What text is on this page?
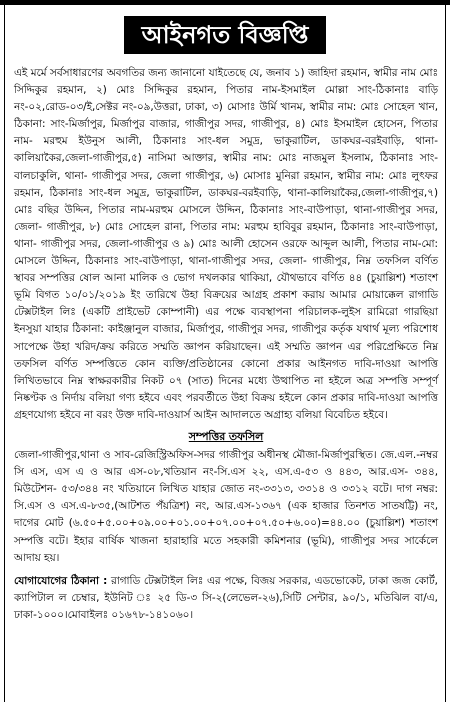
আইনগত বিজ্ঞপ্তি

এই মর্মে সর্বসাধারণের অবগতির জন্য জানানো যাইতেছে যে, জনাব ১) জাহিদা রহমান, স্বামীর নাম মোঃ সিদ্দিকুর রহমান, ২) মোঃ সিদ্দিকুর রহমান, পিতার নাম-ইসমাইল মোল্লা সাং-ঠিকানাঃ বাড়ি নং-০২,রোড-০৩/ই,সেক্টর নং-০৯,উত্তরা, ঢাকা, ৩) মোসাঃ উর্মি খানম, স্বামীর নাম: মোঃ সোহেল খান, ঠিকানা: সাং-মির্জাপুর, মির্জাপুর বাজার, গাজীপুর সদর, গাজীপুর, ৪) মোঃ ইসমাইল হোসেন, পিতার নাম- মরহুম ইউনুস আলী, ঠিকানাঃ সাং-ধল সমুদ্র, ভাকুরাটিল, ডাকঘর-বরইবাড়ি, থানা-কালিয়াকৈর,জেলা-গাজীপুর,৫) নাসিমা আক্তার, স্বামীর নাম: মোঃ নাজমুল ইসলাম, ঠিকানাঃ সাং- বালচাকুলি, থানা- গাজীপুর সদর, জেলা গাজীপুর, ৬) মোসাঃ মুনিরা রহমান, স্বামীর নাম: মোঃ লুৎফর রহমান, ঠিকানাঃ সাং-ধল সমুদ্র, ভাকুরাটিল, ডাকঘর-বরইবাড়ি, থানা-কালিয়াকৈর,জেলা-গাজীপুর,৭) মোঃ বছির উদ্দিন, পিতার নাম-মরহুম মোসলে উদ্দিন, ঠিকানাঃ সাং-বাউপাড়া, থানা-গাজীপুর সদর, জেলা- গাজীপুর, ৮) মোঃ সোহেল রানা, পিতার নাম: মরহুম হাবিবুর রহমান, ঠিকানাঃ সাং-বাউপাড়া, থানা- গাজীপুর সদর, জেলা-গাজীপুর ও ৯) মোঃ আলী হোসেন ওরফে আব্দুল আলী, পিতার নাম-মো: মোসলে উদ্দিন, ঠিকানাঃ সাং-বাউপাড়া, থানা-গাজীপুর সদর, জেলা- গাজীপুর, নিম্ন তফসিল বর্ণিত স্থাবর সম্পত্তির ষোল আনা মালিক ও ভোগ দখলকার থাকিয়া, যৌথভাবে বর্ণিত ৪৪ (চুয়াল্লিশ) শতাংশ ভূমি বিগত ১০/০১/২০১৯ ইং তারিখে উহা বিক্রয়ের আগ্রহ প্রকাশ করায় আমার মোয়াক্কেল রাগাডি টেক্সটাইল লিঃ (একটি প্রাইভেট কোম্পানী) এর পক্ষে ব্যবস্থাপনা পরিচালক-লুইস রামিরো গারছিয়া ইনসুয়া যাহার ঠিকানা: কাইঞ্জানুল বাজার, মির্জাপুর, গাজীপুর সদর, গাজীপুর কর্তৃক যথার্থ মূল্য পরিশোধ সাপেক্ষে উহা খরিদ/ক্রয় করিতে সম্মতি জ্ঞাপন করিয়াছেন। এই সম্মতি জ্ঞাপন এর পরিপ্রেক্ষিতে নিম্ন তফসিল বর্ণিত সম্পত্তিতে কোন ব্যক্তি/প্রতিষ্ঠানের কোনো প্রকার আইনগত দাবি-দাওয়া আপত্তি লিখিতভাবে নিম্ন স্বাক্ষরকারীর নিকট ০৭ (সাত) দিনের মধ্যে উত্থাপিত না হইলে অত্র সম্পত্তি সম্পূর্ণ নিষ্কণ্টক ও নির্দায় বলিয়া গণ্য হইবে এবং পরবর্তীতে উহা বিক্রয় হইলে কোন প্রকার দাবি-দাওয়া আপত্তি গ্রহণযোগ্য হইবে না বরং উক্ত দাবি-দাওয়ার্স আইন আদালতে অগ্রাহ্য বলিয়া বিবেচিত হইবে।

সম্পত্তির তফসিল

জেলা-গাজীপুর,থানা ও সাব-রেজিস্ট্রিঅফিস-সদর গাজীপুর অধীনস্থ মৌজা-মির্জাপুরস্থিত। জে.এল.-নম্বর সি এস, এস এ ও আর এস-০৮,খতিয়ান নং-সি.এস ২২, এস.এ-৫৩ ও ৪৪৩, আর.এস- ৩৪৪, মিউটেশন- ৫৩/৩৪৪ নং খতিয়ানে লিখিত যাহার জোত নং-৩৩১৩, ৩৩১৪ ও ৩৩১২ বটে। দাগ নম্বর: সি.এস ও এস.এ-৮৩৫,(আটশত পঁয়ত্রিশ) নং, আর.এস-১৩৬৭ (এক হাজার তিনশত সাতষট্টি) নং, দাগের মোট (৬.৫০+৫.০০+০৯.০০+০১.০০+০৭.০০+০৭.৫০+৬.০০)=৪৪.০০ (চুয়াল্লিশ) শতাংশ সম্পত্তি বটে। ইহার বার্ষিক খাজনা হারাহারি মতে সহকারী কমিশনার (ভূমি), গাজীপুর সদর সার্কেলে আদায় হয়।

যোগাযোগের ঠিকানা : রাগাডি টেক্সটাইল লিঃ এর পক্ষে, বিজয় সরকার, এডভোকেট, ঢাকা জজ কোর্ট, ক্যাপিটাল ল চেম্বার, ইউনিট ঃ ২৫ ডি-৩ সি-২(লেভেল-২৬),সিটি সেন্টার, ৯০/১, মতিঝিল বা/এ, ঢাকা-১০০০।মোবাইলঃ ০১৬৭৮-১৪১০৬০।
